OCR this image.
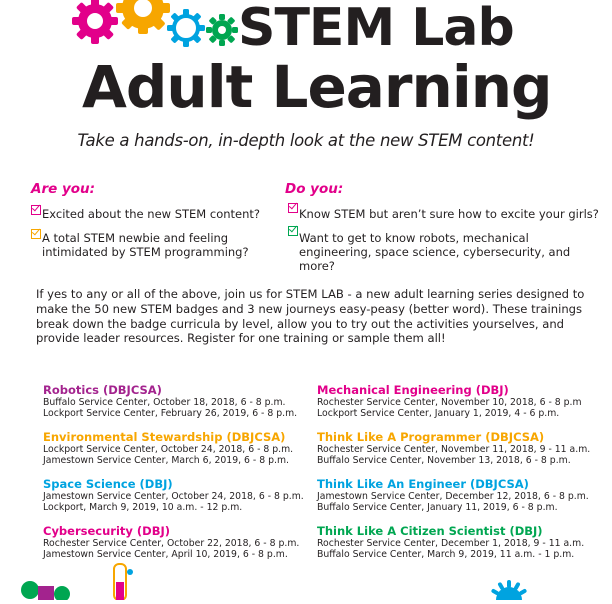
STEM Lab
Adult Learning
Take a hands-on, in-depth look at the new STEM content!
Are you:
Excited about the new STEM content?
A total STEM newbie and feeling intimidated by STEM programming?
Do you:
Know STEM but aren’t sure how to excite your girls?
Want to get to know robots, mechanical engineering, space science, cybersecurity, and more?
If yes to any or all of the above, join us for STEM LAB - a new adult learning series designed to make the 50 new STEM badges and 3 new journeys easy-peasy (better word). These trainings break down the badge curricula by level, allow you to try out the activities yourselves, and provide leader resources. Register for one training or sample them all!
Robotics (DBJCSA)
Buffalo Service Center, October 18, 2018, 6 - 8 p.m.
Lockport Service Center, February 26, 2019, 6 - 8 p.m.
Environmental Stewardship (DBJCSA)
Lockport Service Center, October 24, 2018, 6 - 8 p.m.
Jamestown Service Center, March 6, 2019, 6 - 8 p.m.
Space Science (DBJ)
Jamestown Service Center, October 24, 2018, 6 - 8 p.m.
Lockport, March 9, 2019, 10 a.m. - 12 p.m.
Cybersecurity (DBJ)
Rochester Service Center, October 22, 2018, 6 - 8 p.m.
Jamestown Service Center, April 10, 2019, 6 - 8 p.m.
Mechanical Engineering (DBJ)
Rochester Service Center, November 10, 2018, 6 - 8 p.m
Lockport Service Center, January 1, 2019, 4 - 6 p.m.
Think Like A Programmer (DBJCSA)
Rochester Service Center, November 11, 2018, 9 - 11 a.m.
Buffalo Service Center, November 13, 2018, 6 - 8 p.m.
Think Like An Engineer (DBJCSA)
Jamestown Service Center, December 12, 2018, 6 - 8 p.m.
Buffalo Service Center, January 11, 2019, 6 - 8 p.m.
Think Like A Citizen Scientist (DBJ)
Rochester Service Center, December 1, 2018, 9 - 11 a.m.
Buffalo Service Center, March 9, 2019, 11 a.m. - 1 p.m.
